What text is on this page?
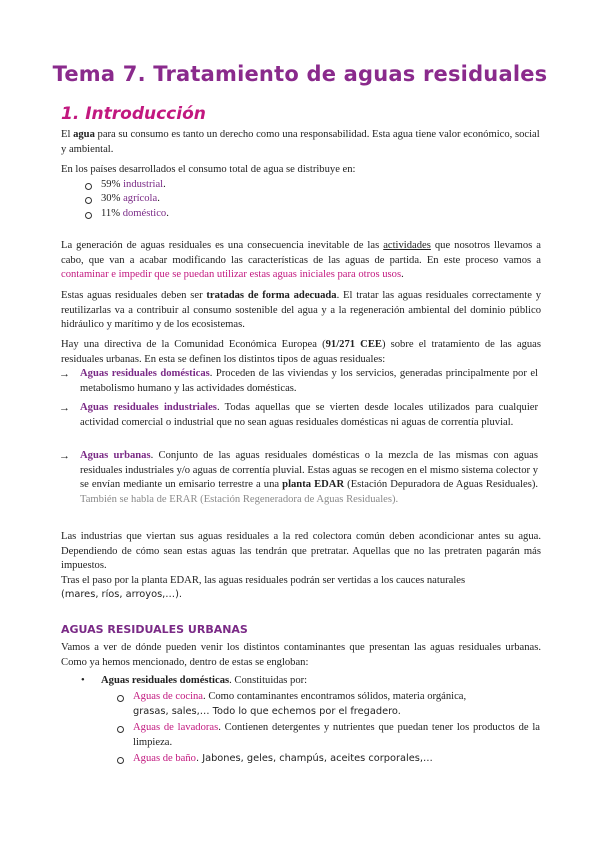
Tema 7. Tratamiento de aguas residuales
1. Introducción

El agua para su consumo es tanto un derecho como una responsabilidad. Esta agua tiene valor económico, social y ambiental.

En los países desarrollados el consumo total de agua se distribuye en:

59% industrial.
30% agrícola.
11% doméstico.

La generación de aguas residuales es una consecuencia inevitable de las actividades que nosotros llevamos a cabo, que van a acabar modificando las características de las aguas de partida. En este proceso vamos a contaminar e impedir que se puedan utilizar estas aguas iniciales para otros usos.

Estas aguas residuales deben ser tratadas de forma adecuada. El tratar las aguas residuales correctamente y reutilizarlas va a contribuir al consumo sostenible del agua y a la regeneración ambiental del dominio público hidráulico y marítimo y de los ecosistemas.

Hay una directiva de la Comunidad Económica Europea (91/271 CEE) sobre el tratamiento de las aguas residuales urbanas. En esta se definen los distintos tipos de aguas residuales:

→ Aguas residuales domésticas. Proceden de las viviendas y los servicios, generadas principalmente por el metabolismo humano y las actividades domésticas.

→ Aguas residuales industriales. Todas aquellas que se vierten desde locales utilizados para cualquier actividad comercial o industrial que no sean aguas residuales domésticas ni aguas de correntía pluvial.

→ Aguas urbanas. Conjunto de las aguas residuales domésticas o la mezcla de las mismas con aguas residuales industriales y/o aguas de correntía pluvial. Estas aguas se recogen en el mismo sistema colector y se envían mediante un emisario terrestre a una planta EDAR (Estación Depuradora de Aguas Residuales). También se habla de ERAR (Estación Regeneradora de Aguas Residuales).

Las industrias que viertan sus aguas residuales a la red colectora común deben acondicionar antes su agua. Dependiendo de cómo sean estas aguas las tendrán que pretratar. Aquellas que no las pretraten pagarán más impuestos.

Tras el paso por la planta EDAR, las aguas residuales podrán ser vertidas a los cauces naturales

(mares, ríos, arroyos,…).

AGUAS RESIDUALES URBANAS

Vamos a ver de dónde pueden venir los distintos contaminantes que presentan las aguas residuales urbanas. Como ya hemos mencionado, dentro de estas se engloban:

• Aguas residuales domésticas. Constituidas por:

Aguas de cocina. Como contaminantes encontramos sólidos, materia orgánica,

grasas, sales,… Todo lo que echemos por el fregadero.

Aguas de lavadoras. Contienen detergentes y nutrientes que puedan tener los productos de la limpieza.

Aguas de baño. Jabones, geles, champús, aceites corporales,…
